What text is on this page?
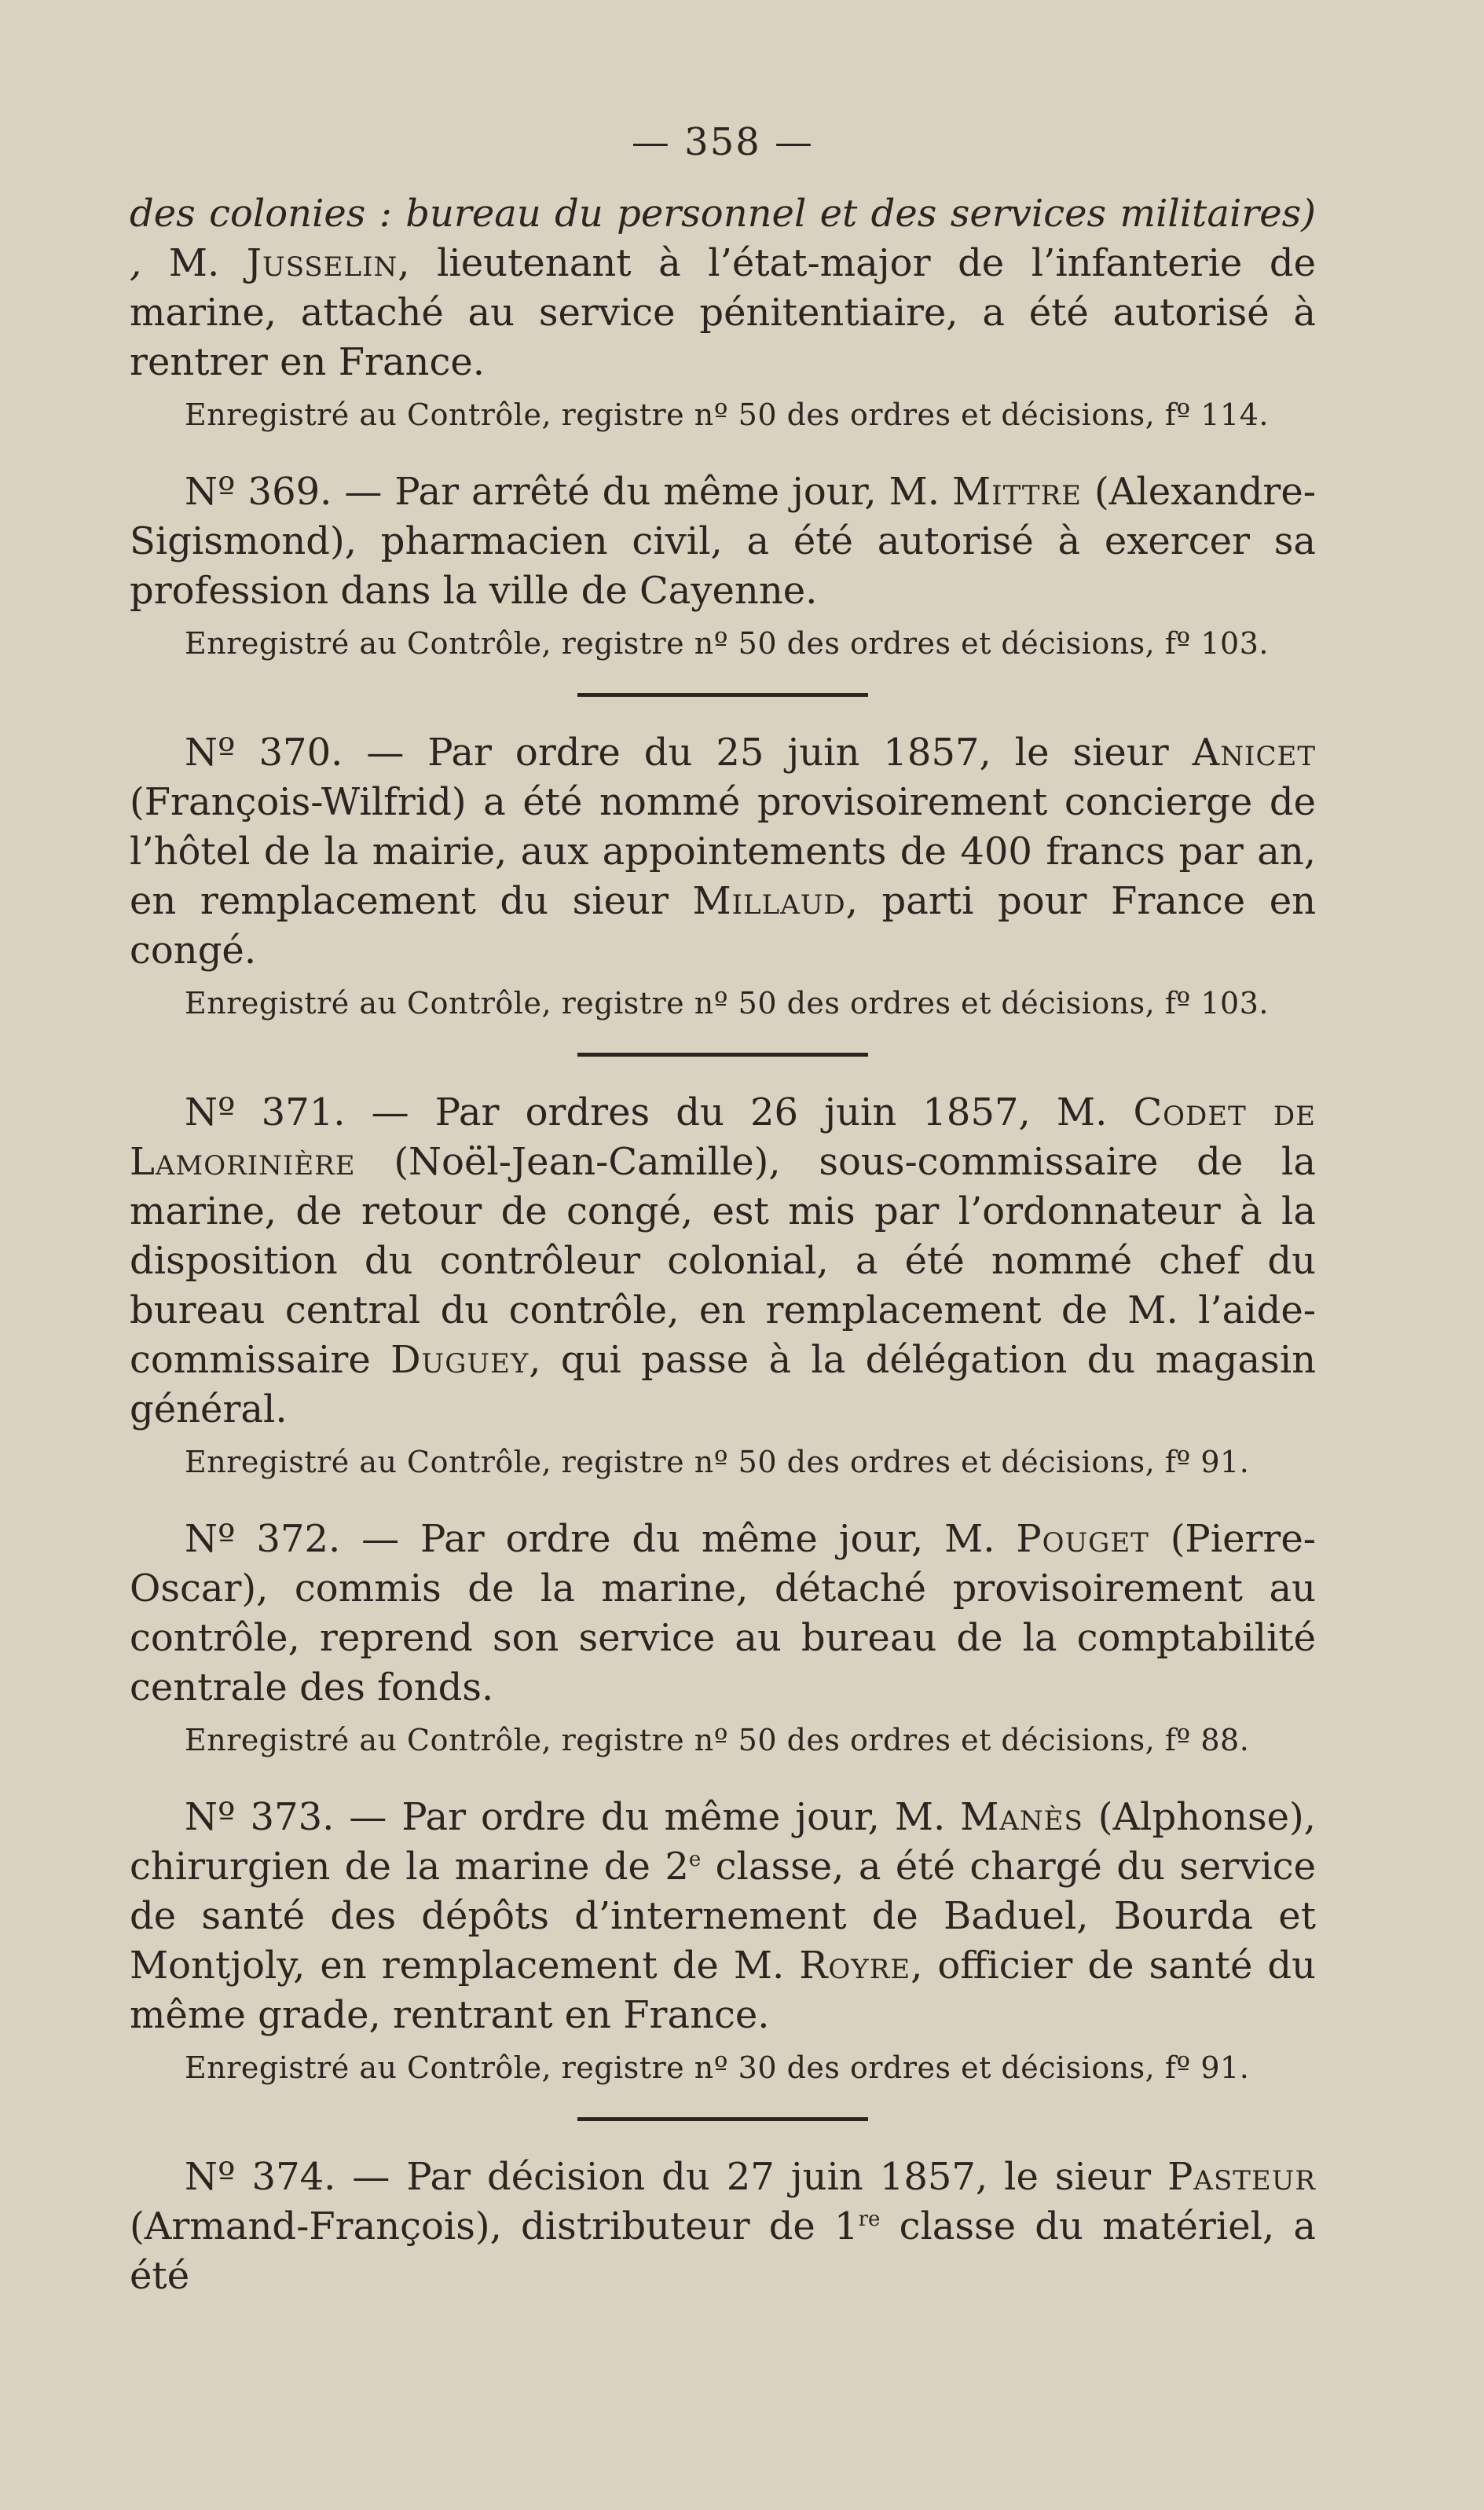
— 358 —

des colonies : bureau du personnel et des services militaires) , M. Jusselin, lieutenant à l’état-major de l’infanterie de marine, attaché au service pénitentiaire, a été autorisé à rentrer en France.

Enregistré au Contrôle, registre nº 50 des ordres et décisions, fº 114.

Nº 369. — Par arrêté du même jour, M. Mittre (Alexandre-Sigismond), pharmacien civil, a été autorisé à exercer sa profession dans la ville de Cayenne.

Enregistré au Contrôle, registre nº 50 des ordres et décisions, fº 103.

Nº 370. — Par ordre du 25 juin 1857, le sieur Anicet (François-Wilfrid) a été nommé provisoirement concierge de l’hôtel de la mairie, aux appointements de 400 francs par an, en remplacement du sieur Millaud, parti pour France en congé.

Enregistré au Contrôle, registre nº 50 des ordres et décisions, fº 103.

Nº 371. — Par ordres du 26 juin 1857, M. Codet de Lamorinière (Noël-Jean-Camille), sous-commissaire de la marine, de retour de congé, est mis par l’ordonnateur à la disposition du contrôleur colonial, a été nommé chef du bureau central du contrôle, en remplacement de M. l’aide-commissaire Duguey, qui passe à la délégation du magasin général.

Enregistré au Contrôle, registre nº 50 des ordres et décisions, fº 91.

Nº 372. — Par ordre du même jour, M. Pouget (Pierre-Oscar), commis de la marine, détaché provisoirement au contrôle, reprend son service au bureau de la comptabilité centrale des fonds.

Enregistré au Contrôle, registre nº 50 des ordres et décisions, fº 88.

Nº 373. — Par ordre du même jour, M. Manès (Alphonse), chirurgien de la marine de 2e classe, a été chargé du service de santé des dépôts d’internement de Baduel, Bourda et Montjoly, en remplacement de M. Royre, officier de santé du même grade, rentrant en France.

Enregistré au Contrôle, registre nº 30 des ordres et décisions, fº 91.

Nº 374. — Par décision du 27 juin 1857, le sieur Pasteur (Armand-François), distributeur de 1re classe du matériel, a été
